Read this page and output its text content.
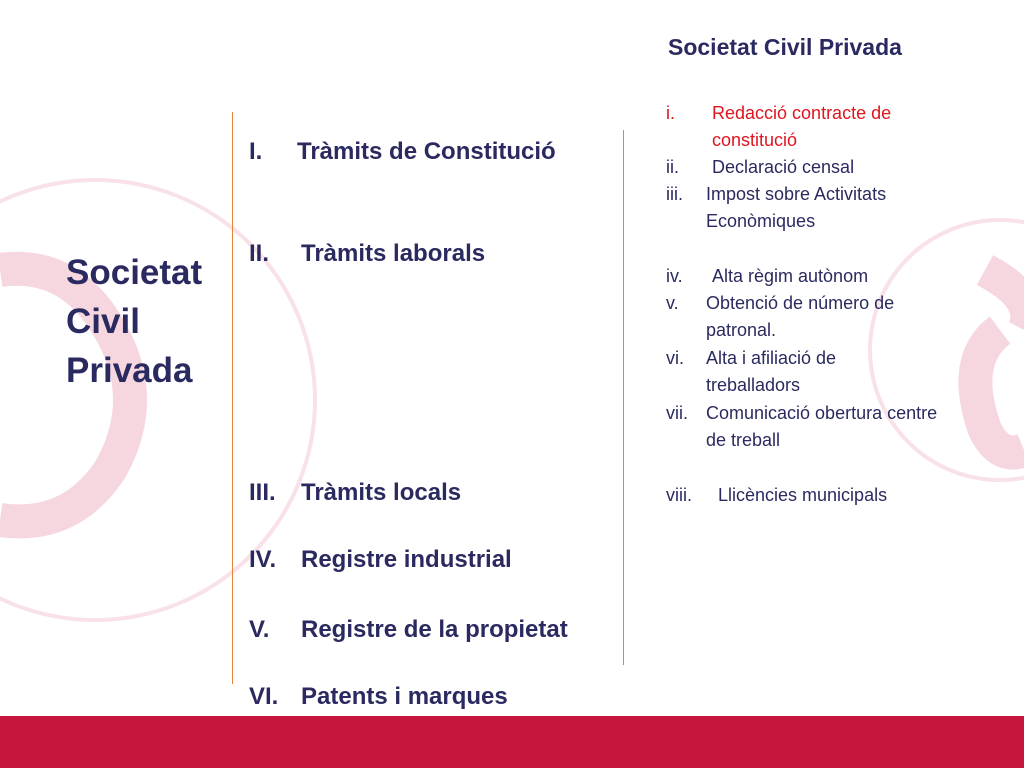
Societat
Civil
Privada
I. Tràmits de Constitució
II. Tràmits laborals
III. Tràmits locals
IV. Registre industrial
V. Registre de la propietat
VI. Patents i marques
Societat Civil Privada
i. Redacció contracte de constitució
ii. Declaració censal
iii. Impost sobre Activitats Econòmiques
iv. Alta règim autònom
v. Obtenció de número de patronal.
vi. Alta i afiliació de treballadors
vii. Comunicació obertura centre de treball
viii. Llicències municipals
